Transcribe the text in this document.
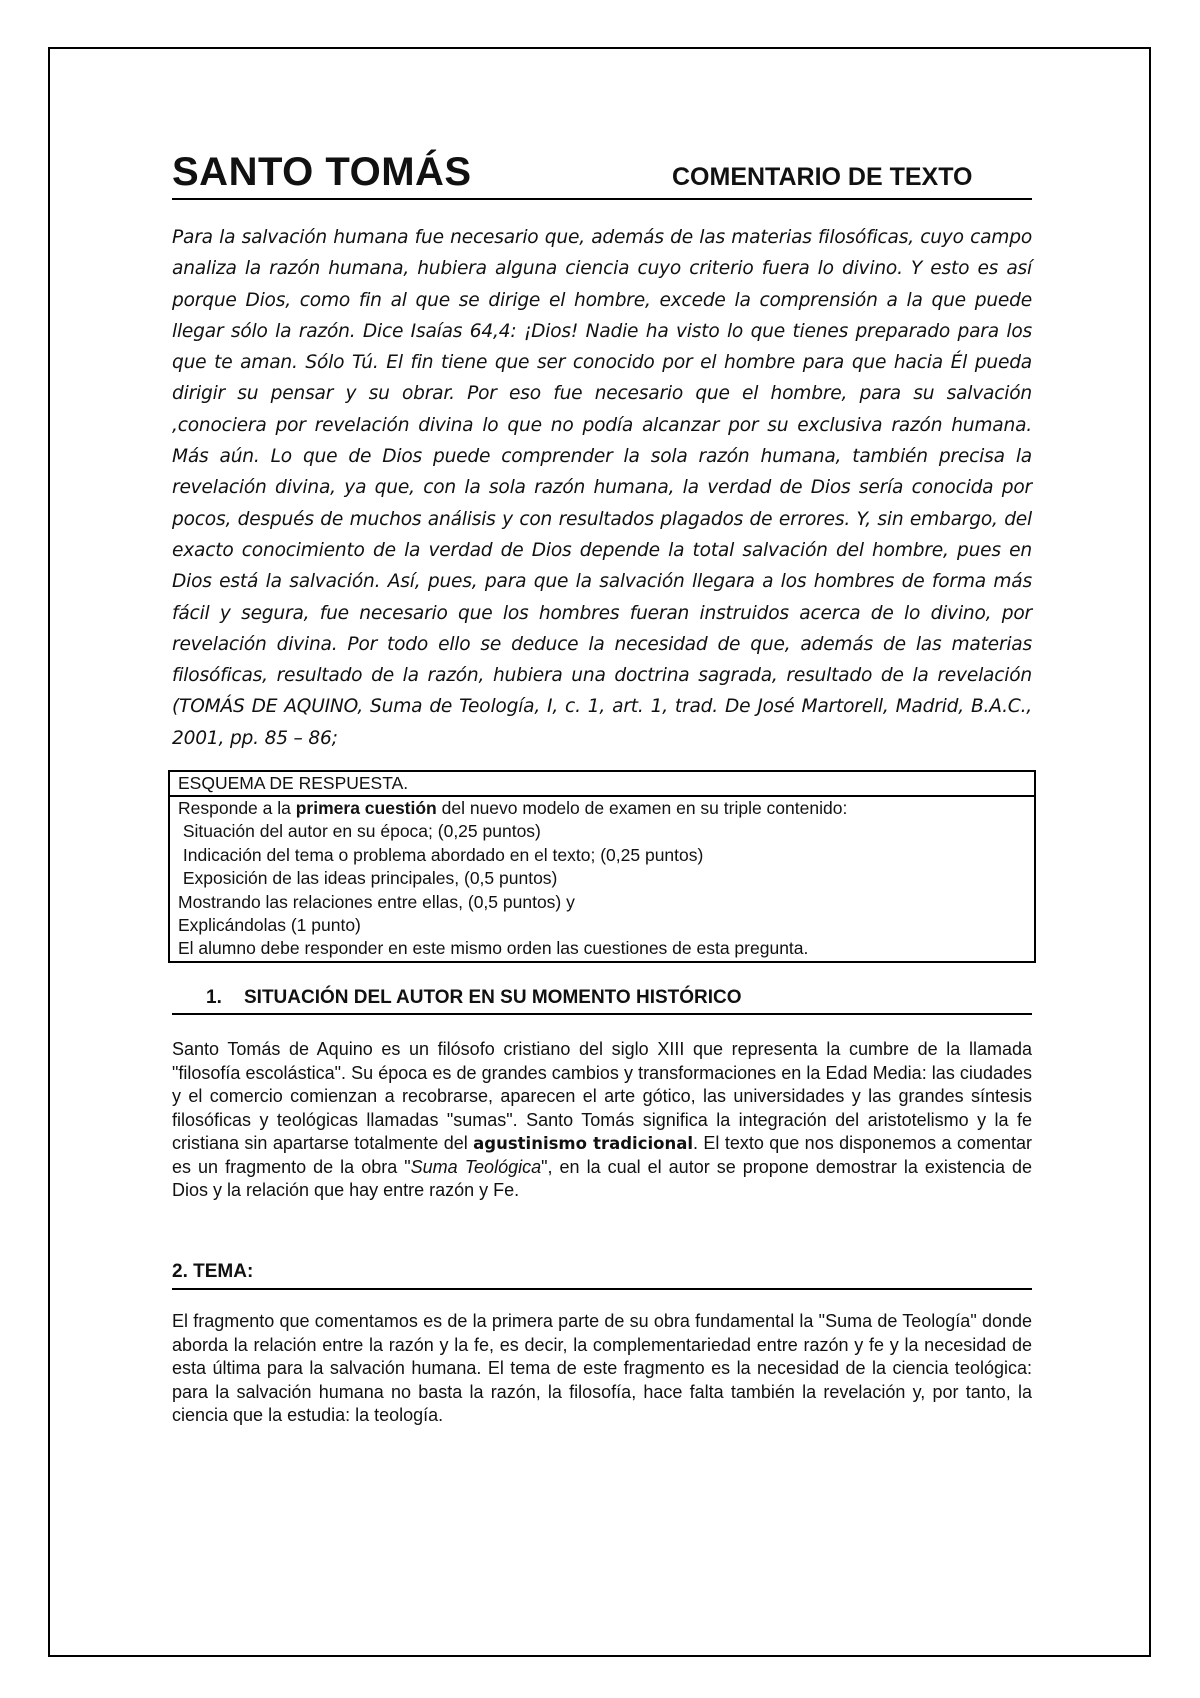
SANTO TOMÁS	COMENTARIO DE TEXTO
Para la salvación humana fue necesario que, además de las materias filosóficas, cuyo campo analiza la razón humana, hubiera alguna ciencia cuyo criterio fuera lo divino. Y esto es así porque Dios, como fin al que se dirige el hombre, excede la comprensión a la que puede llegar sólo la razón. Dice Isaías 64,4: ¡Dios! Nadie ha visto lo que tienes preparado para los que te aman. Sólo Tú. El fin tiene que ser conocido por el hombre para que hacia Él pueda dirigir su pensar y su obrar. Por eso fue necesario que el hombre, para su salvación ,conociera por revelación divina lo que no podía alcanzar por su exclusiva razón humana. Más aún. Lo que de Dios puede comprender la sola razón humana, también precisa la revelación divina, ya que, con la sola razón humana, la verdad de Dios sería conocida por pocos, después de muchos análisis y con resultados plagados de errores. Y, sin embargo, del exacto conocimiento de la verdad de Dios depende la total salvación del hombre, pues en Dios está la salvación. Así, pues, para que la salvación llegara a los hombres de forma más fácil y segura, fue necesario que los hombres fueran instruidos acerca de lo divino, por revelación divina. Por todo ello se deduce la necesidad de que, además de las materias filosóficas, resultado de la razón, hubiera una doctrina sagrada, resultado de la revelación (TOMÁS DE AQUINO, Suma de Teología, I, c. 1, art. 1, trad. De José Martorell, Madrid, B.A.C., 2001, pp. 85 – 86;
ESQUEMA DE RESPUESTA.
Responde a la primera cuestión del nuevo modelo de examen en su triple contenido:
Situación del autor en su época; (0,25 puntos)
Indicación del tema o problema abordado en el texto; (0,25 puntos)
Exposición de las ideas principales, (0,5 puntos)
Mostrando las relaciones entre ellas, (0,5 puntos) y
Explicándolas (1 punto)
El alumno debe responder en este mismo orden las cuestiones de esta pregunta.
1. SITUACIÓN DEL AUTOR EN SU MOMENTO HISTÓRICO
Santo Tomás de Aquino es un filósofo cristiano del siglo XIII que representa la cumbre de la llamada "filosofía escolástica". Su época es de grandes cambios y transformaciones en la Edad Media: las ciudades y el comercio comienzan a recobrarse, aparecen el arte gótico, las universidades y las grandes síntesis filosóficas y teológicas llamadas "sumas". Santo Tomás significa la integración del aristotelismo y la fe cristiana sin apartarse totalmente del agustinismo tradicional. El texto que nos disponemos a comentar es un fragmento de la obra "Suma Teológica", en la cual el autor se propone demostrar la existencia de Dios y la relación que hay entre razón y Fe.
2. TEMA:
El fragmento que comentamos es de la primera parte de su obra fundamental la "Suma de Teología" donde aborda la relación entre la razón y la fe, es decir, la complementariedad entre razón y fe y la necesidad de esta última para la salvación humana. El tema de este fragmento es la necesidad de la ciencia teológica: para la salvación humana no basta la razón, la filosofía, hace falta también la revelación y, por tanto, la ciencia que la estudia: la teología.
